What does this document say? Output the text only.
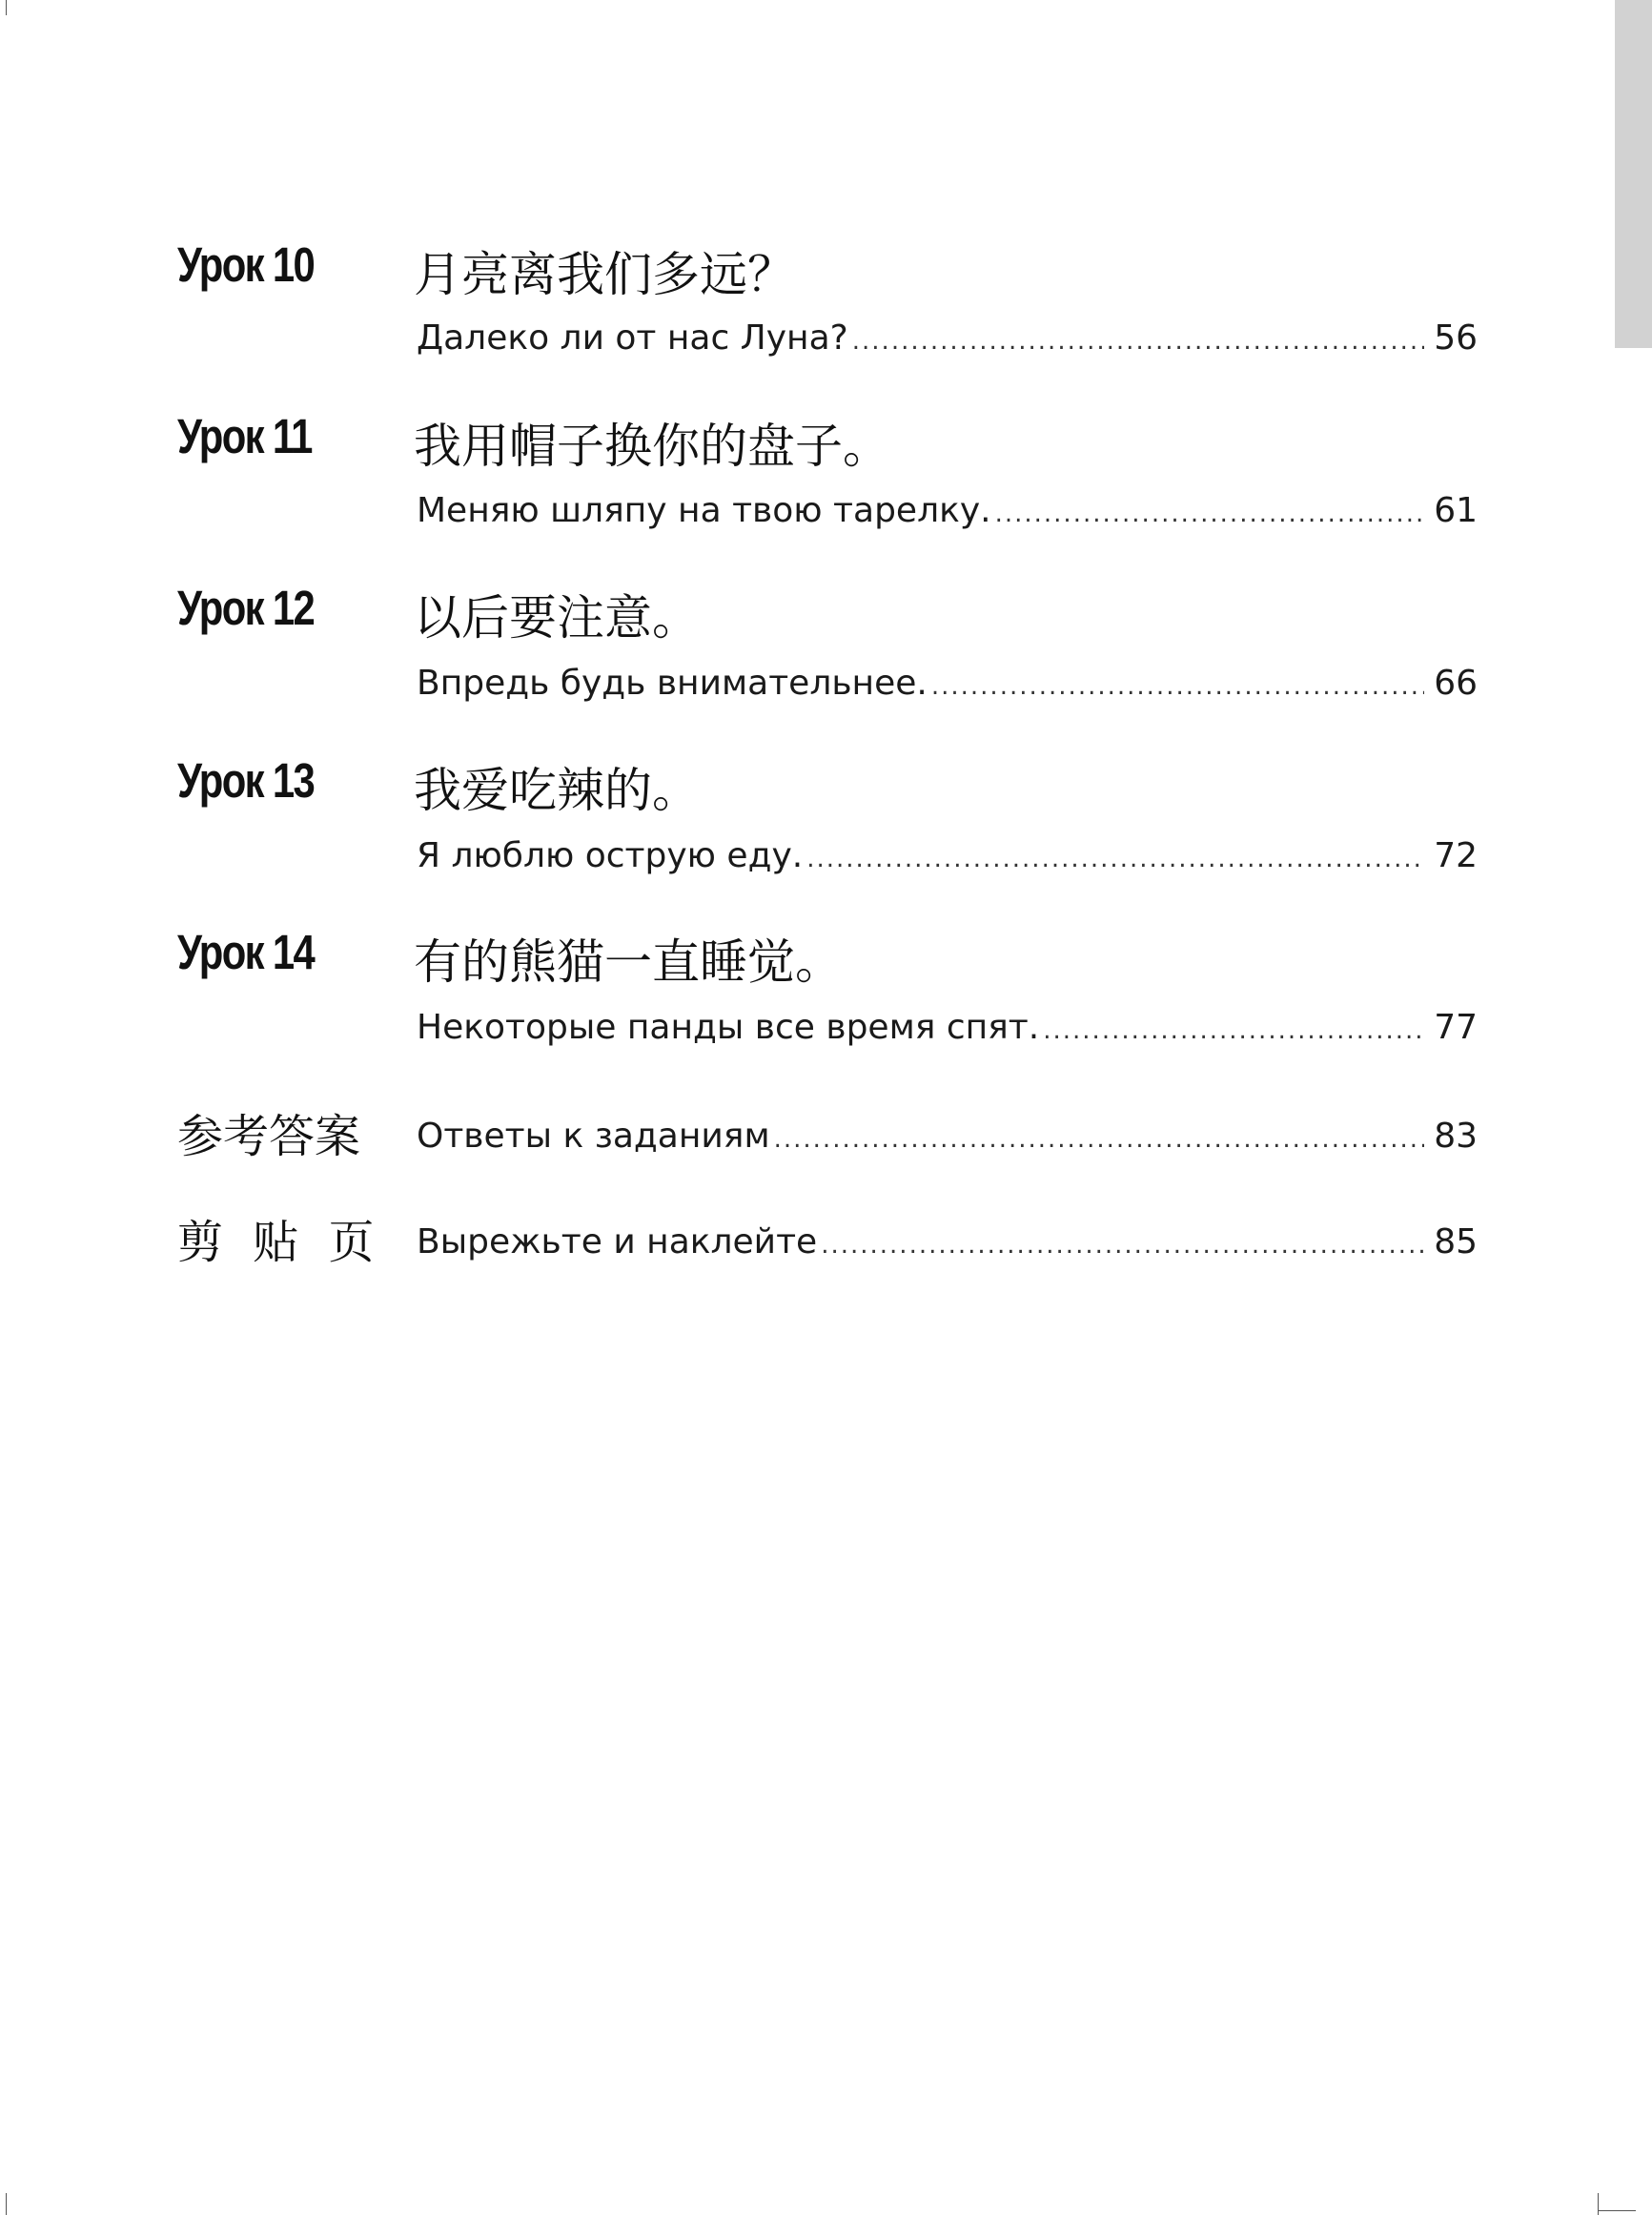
Урок 10 月亮离我们多远？
Далеко ли от нас Луна? .....	56
Урок 11 我用帽子换你的盘子。
Меняю шляпу на твою тарелку. .....	61
Урок 12 以后要注意。
Впредь будь внимательнее. .....	66
Урок 13 我爱吃辣的。
Я люблю острую еду. .....	72
Урок 14 有的熊猫一直睡觉。
Некоторые панды все время спят. .....	77
参考答案 Ответы к заданиям .....	83
剪 贴 页 Вырежьте и наклейте .....	85
